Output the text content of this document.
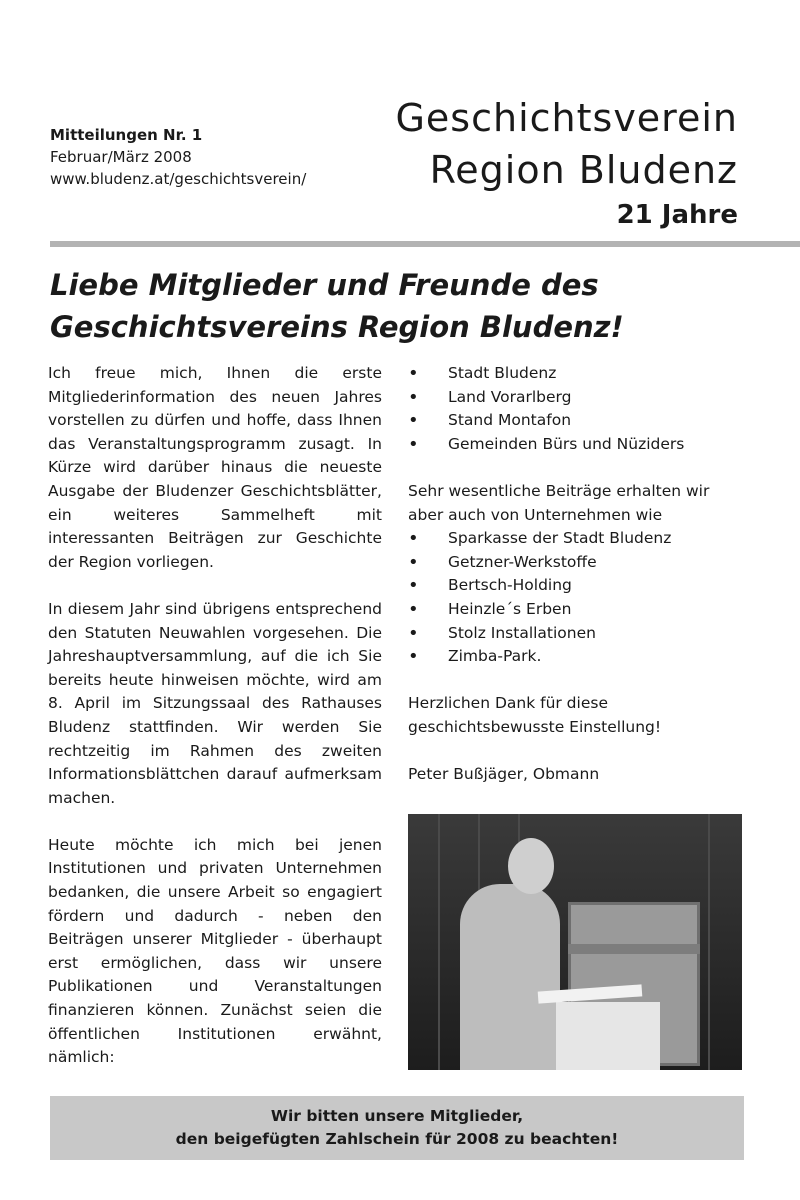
Mitteilungen Nr. 1
Februar/März 2008
www.bludenz.at/geschichtsverein/
Geschichtsverein
Region Bludenz
21 Jahre
Liebe Mitglieder und Freunde des
Geschichtsvereins Region Bludenz!

Ich freue mich, Ihnen die erste Mitgliederinformation des neuen Jahres vorstellen zu dürfen und hoffe, dass Ihnen das Veranstaltungsprogramm zusagt. In Kürze wird darüber hinaus die neueste Ausgabe der Bludenzer Geschichtsblätter, ein weiteres Sammelheft mit interessanten Beiträgen zur Geschichte der Region vorliegen.

In diesem Jahr sind übrigens entsprechend den Statuten Neuwahlen vorgesehen. Die Jahreshauptversammlung, auf die ich Sie bereits heute hinweisen möchte, wird am 8. April im Sitzungssaal des Rathauses Bludenz stattfinden. Wir werden Sie rechtzeitig im Rahmen des zweiten Informationsblättchen darauf aufmerksam machen.

Heute möchte ich mich bei jenen Institutionen und privaten Unternehmen bedanken, die unsere Arbeit so engagiert fördern und dadurch - neben den Beiträgen unserer Mitglieder - überhaupt erst ermöglichen, dass wir unsere Publikationen und Veranstaltungen finanzieren können. Zunächst seien die öffentlichen Institutionen erwähnt, nämlich:

• Stadt Bludenz
• Land Vorarlberg
• Stand Montafon
• Gemeinden Bürs und Nüziders

Sehr wesentliche Beiträge erhalten wir aber auch von Unternehmen wie

• Sparkasse der Stadt Bludenz
• Getzner-Werkstoffe
• Bertsch-Holding
• Heinzle´s Erben
• Stolz Installationen
• Zimba-Park.

Herzlichen Dank für diese geschichtsbewusste Einstellung!

Peter Bußjäger, Obmann

Wir bitten unsere Mitglieder,
den beigefügten Zahlschein für 2008 zu beachten!
